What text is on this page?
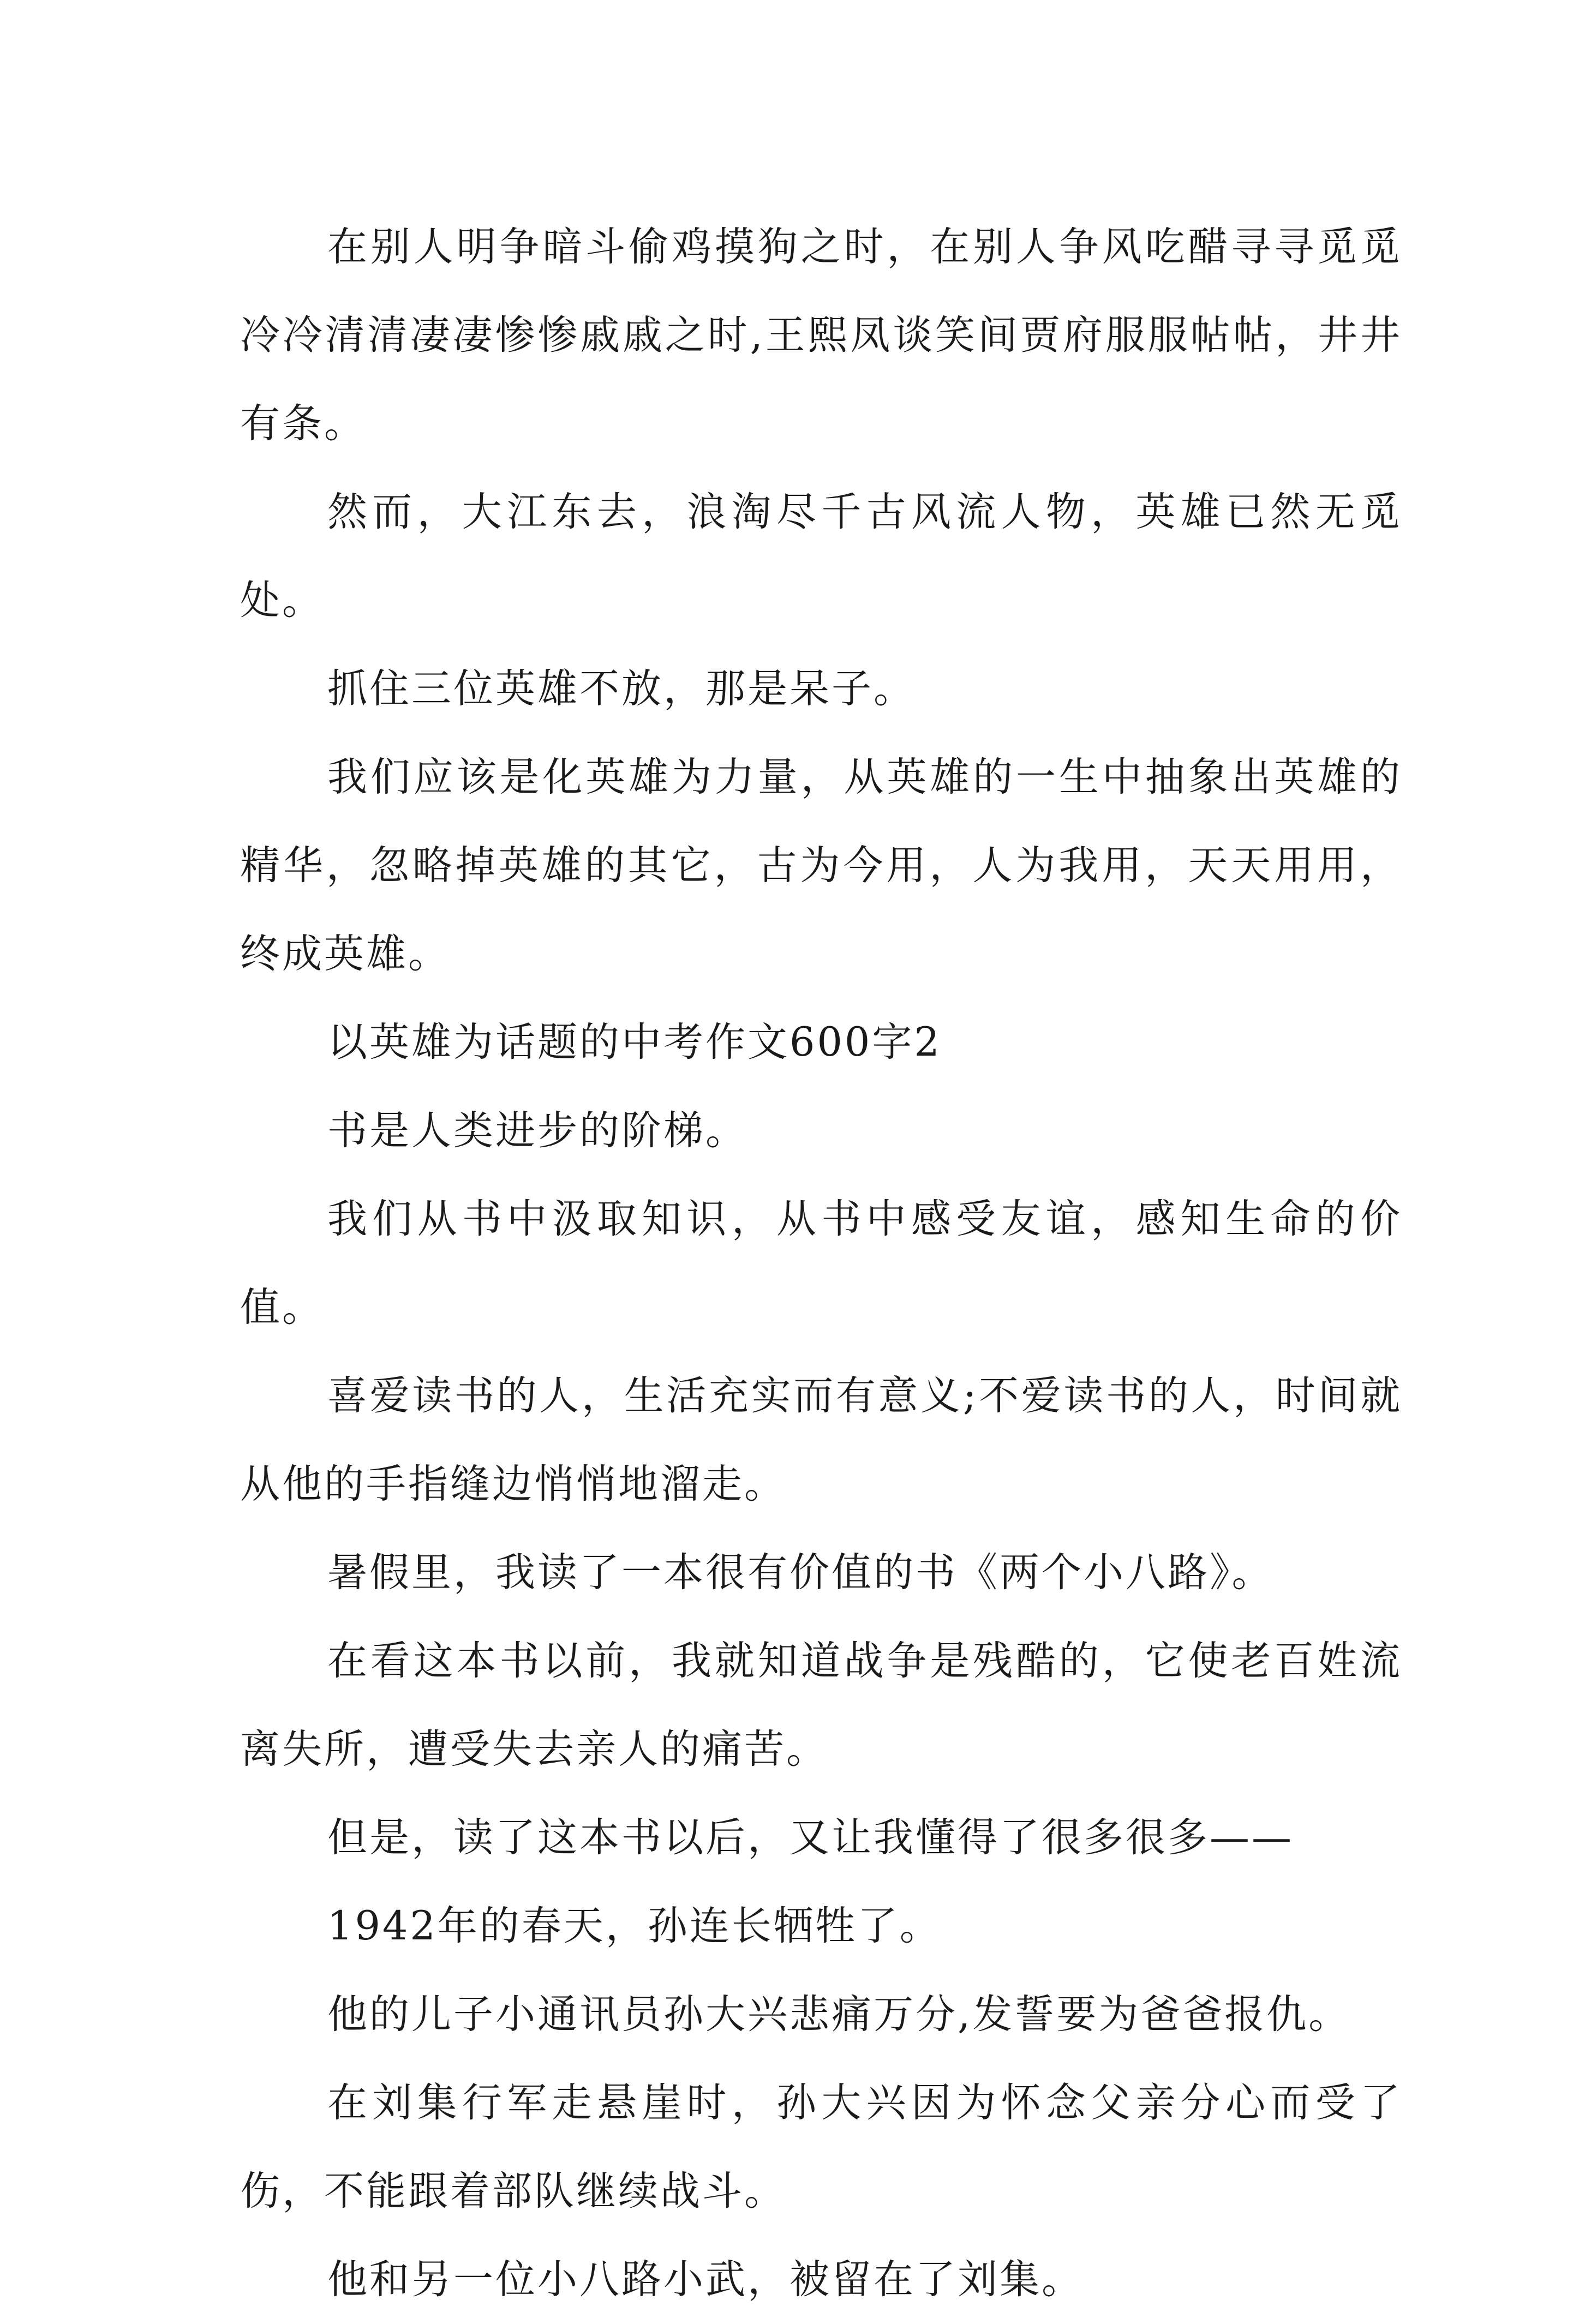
在别人明争暗斗偷鸡摸狗之时，在别人争风吃醋寻寻觅觅冷冷清清凄凄惨惨戚戚之时,王熙凤谈笑间贾府服服帖帖，井井有条。

然而，大江东去，浪淘尽千古风流人物，英雄已然无觅处。

抓住三位英雄不放，那是呆子。

我们应该是化英雄为力量，从英雄的一生中抽象出英雄的精华，忽略掉英雄的其它，古为今用，人为我用，天天用用，终成英雄。

以英雄为话题的中考作文600字2

书是人类进步的阶梯。

我们从书中汲取知识，从书中感受友谊，感知生命的价值。

喜爱读书的人，生活充实而有意义;不爱读书的人，时间就从他的手指缝边悄悄地溜走。

暑假里，我读了一本很有价值的书《两个小八路》。

在看这本书以前，我就知道战争是残酷的，它使老百姓流离失所，遭受失去亲人的痛苦。

但是，读了这本书以后，又让我懂得了很多很多——

1942年的春天，孙连长牺牲了。

他的儿子小通讯员孙大兴悲痛万分,发誓要为爸爸报仇。

在刘集行军走悬崖时，孙大兴因为怀念父亲分心而受了伤，不能跟着部队继续战斗。

他和另一位小八路小武，被留在了刘集。
